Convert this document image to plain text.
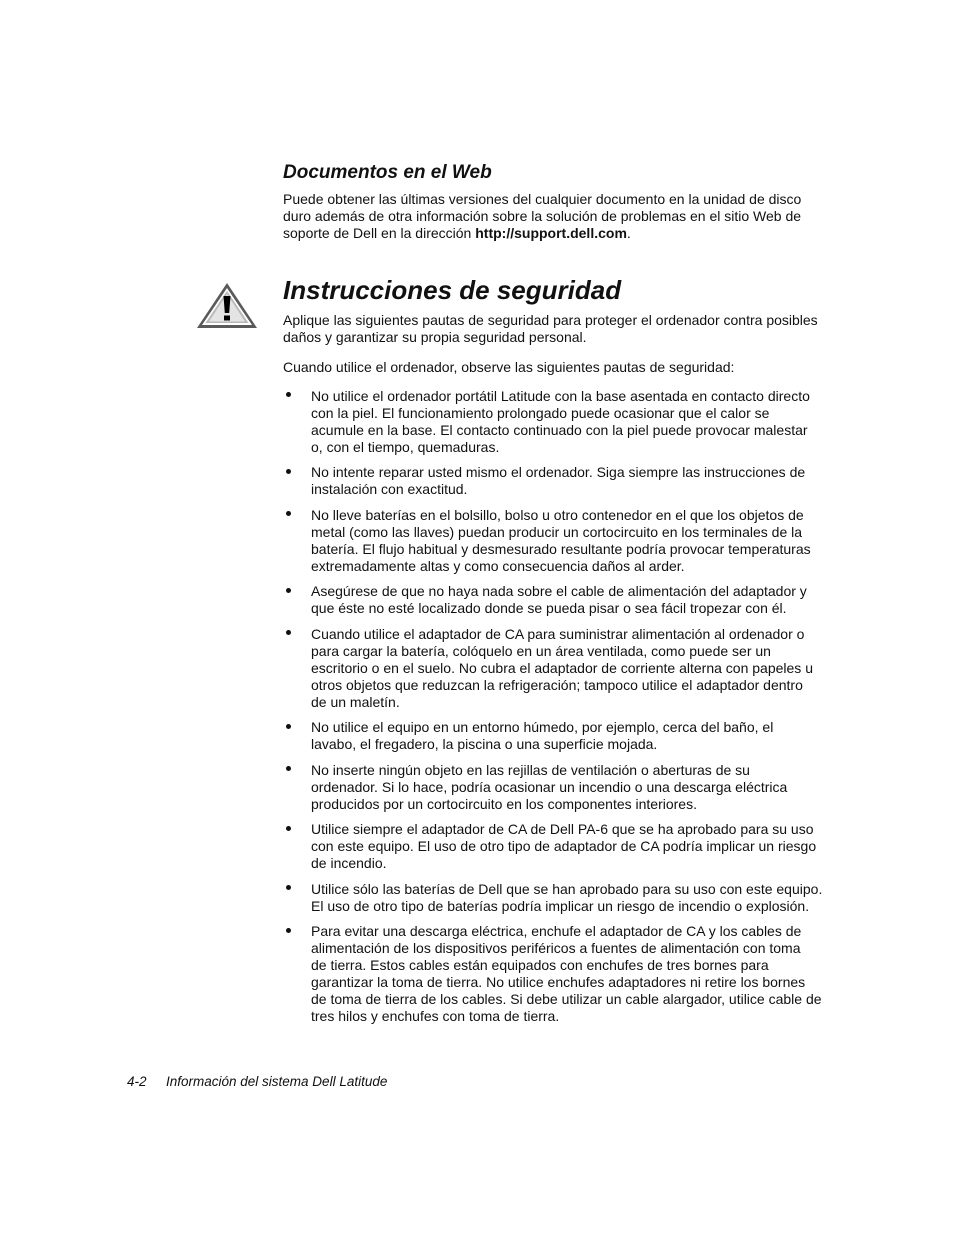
Documentos en el Web
Puede obtener las últimas versiones del cualquier documento en la unidad de disco
duro además de otra información sobre la solución de problemas en el sitio Web de
soporte de Dell en la dirección http://support.dell.com.
Instrucciones de seguridad
Aplique las siguientes pautas de seguridad para proteger el ordenador contra posibles
daños y garantizar su propia seguridad personal.
Cuando utilice el ordenador, observe las siguientes pautas de seguridad:
No utilice el ordenador portátil Latitude con la base asentada en contacto directo
con la piel. El funcionamiento prolongado puede ocasionar que el calor se
acumule en la base. El contacto continuado con la piel puede provocar malestar
o, con el tiempo, quemaduras.
No intente reparar usted mismo el ordenador. Siga siempre las instrucciones de
instalación con exactitud.
No lleve baterías en el bolsillo, bolso u otro contenedor en el que los objetos de
metal (como las llaves) puedan producir un cortocircuito en los terminales de la
batería. El flujo habitual y desmesurado resultante podría provocar temperaturas
extremadamente altas y como consecuencia daños al arder.
Asegúrese de que no haya nada sobre el cable de alimentación del adaptador y
que éste no esté localizado donde se pueda pisar o sea fácil tropezar con él.
Cuando utilice el adaptador de CA para suministrar alimentación al ordenador o
para cargar la batería, colóquelo en un área ventilada, como puede ser un
escritorio o en el suelo. No cubra el adaptador de corriente alterna con papeles u
otros objetos que reduzcan la refrigeración; tampoco utilice el adaptador dentro
de un maletín.
No utilice el equipo en un entorno húmedo, por ejemplo, cerca del baño, el
lavabo, el fregadero, la piscina o una superficie mojada.
No inserte ningún objeto en las rejillas de ventilación o aberturas de su
ordenador. Si lo hace, podría ocasionar un incendio o una descarga eléctrica
producidos por un cortocircuito en los componentes interiores.
Utilice siempre el adaptador de CA de Dell PA-6 que se ha aprobado para su uso
con este equipo. El uso de otro tipo de adaptador de CA podría implicar un riesgo
de incendio.
Utilice sólo las baterías de Dell que se han aprobado para su uso con este equipo.
El uso de otro tipo de baterías podría implicar un riesgo de incendio o explosión.
Para evitar una descarga eléctrica, enchufe el adaptador de CA y los cables de
alimentación de los dispositivos periféricos a fuentes de alimentación con toma
de tierra. Estos cables están equipados con enchufes de tres bornes para
garantizar la toma de tierra. No utilice enchufes adaptadores ni retire los bornes
de toma de tierra de los cables. Si debe utilizar un cable alargador, utilice cable de
tres hilos y enchufes con toma de tierra.
4-2 Información del sistema Dell Latitude
